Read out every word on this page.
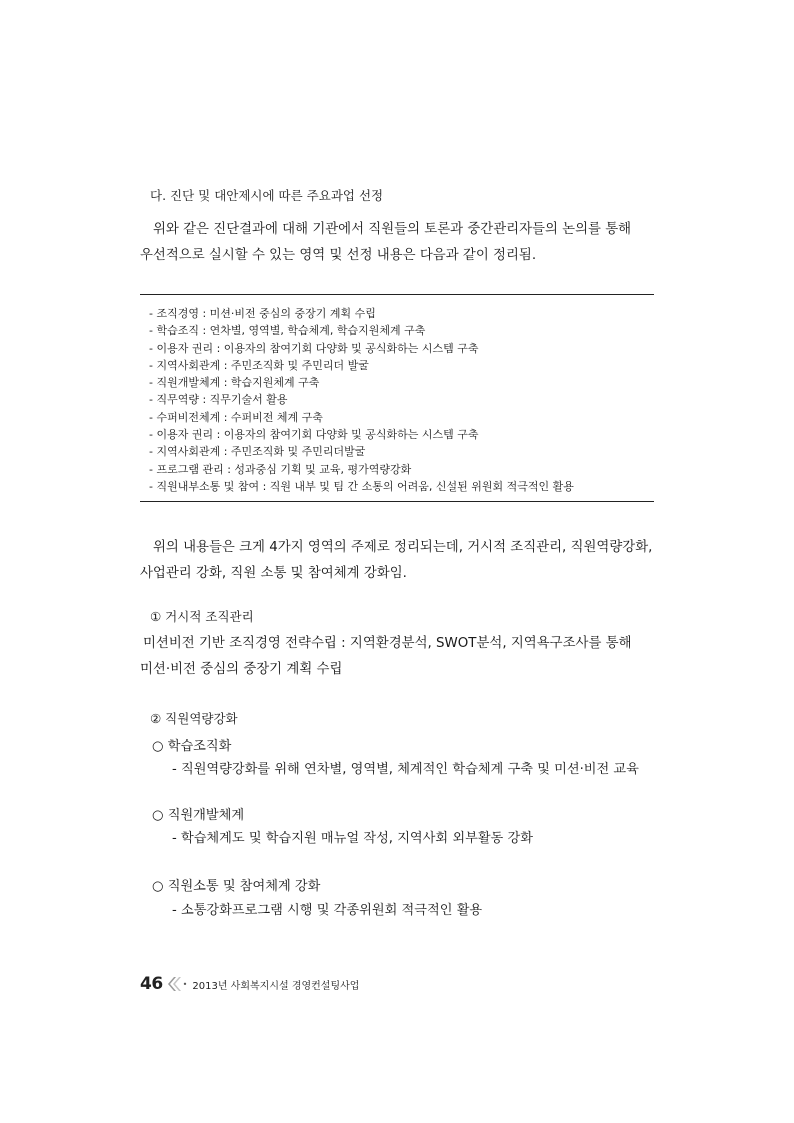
다. 진단 및 대안제시에 따른 주요과업 선정
위와 같은 진단결과에 대해 기관에서 직원들의 토론과 중간관리자들의 논의를 통해
우선적으로 실시할 수 있는 영역 및 선정 내용은 다음과 같이 정리됨.
- 조직경영 : 미션·비전 중심의 중장기 계획 수립
- 학습조직 : 연차별, 영역별, 학습체계, 학습지원체계 구축
- 이용자 권리 : 이용자의 참여기회 다양화 및 공식화하는 시스템 구축
- 지역사회관계 : 주민조직화 및 주민리더 발굴
- 직원개발체계 : 학습지원체계 구축
- 직무역량 : 직무기술서 활용
- 수퍼비전체계 : 수퍼비전 체계 구축
- 이용자 권리 : 이용자의 참여기회 다양화 및 공식화하는 시스템 구축
- 지역사회관계 : 주민조직화 및 주민리더발굴
- 프로그램 관리 : 성과중심 기획 및 교육, 평가역량강화
- 직원내부소통 및 참여 : 직원 내부 및 팀 간 소통의 어려움, 신설된 위원회 적극적인 활용
위의 내용들은 크게 4가지 영역의 주제로 정리되는데, 거시적 조직관리, 직원역량강화,
사업관리 강화, 직원 소통 및 참여체계 강화임.
① 거시적 조직관리
미션비전 기반 조직경영 전략수립 : 지역환경분석, SWOT분석, 지역욕구조사를 통해
미션·비전 중심의 중장기 계획 수립
② 직원역량강화
○ 학습조직화
- 직원역량강화를 위해 연차별, 영역별, 체계적인 학습체계 구축 및 미션·비전 교육
○ 직원개발체계
- 학습체계도 및 학습지원 매뉴얼 작성, 지역사회 외부활동 강화
○ 직원소통 및 참여체계 강화
- 소통강화프로그램 시행 및 각종위원회 적극적인 활용
46	• 2013년 사회복지시설 경영컨설팅사업
